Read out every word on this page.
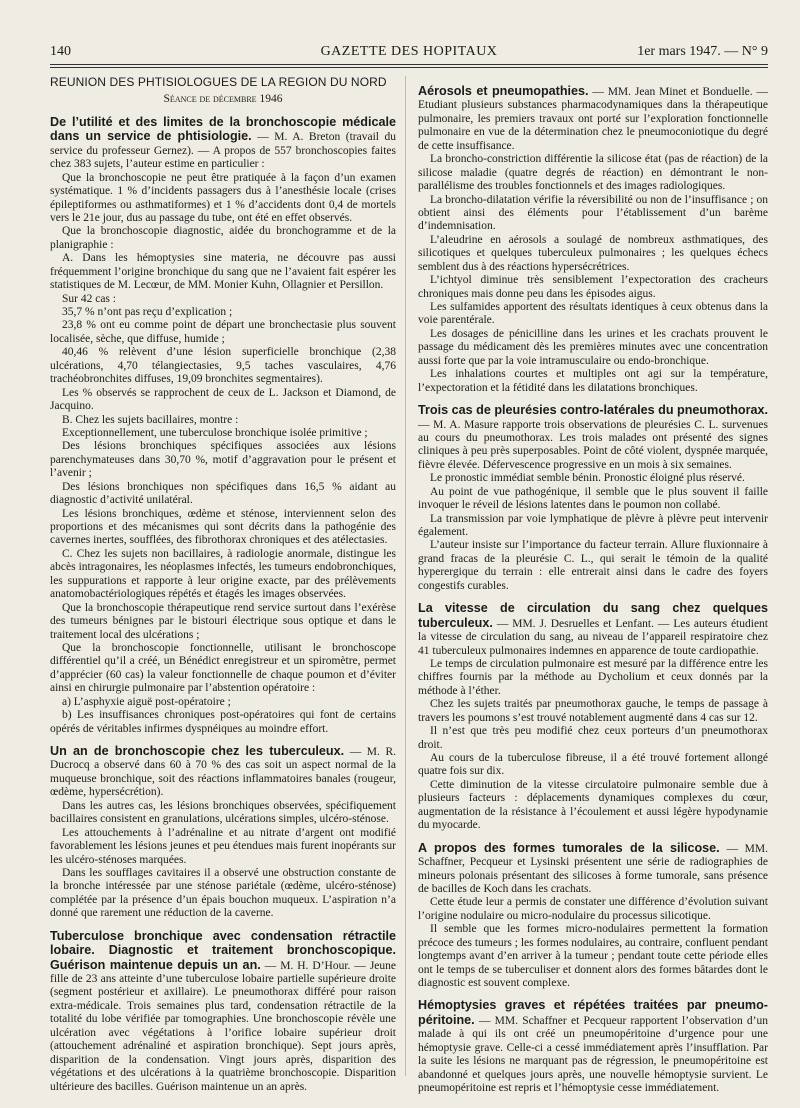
140	GAZETTE DES HOPITAUX	1er mars 1947. — N° 9

REUNION DES PHTISIOLOGUES DE LA REGION DU NORD

Séance de décembre 1946

De l’utilité et des limites de la bronchoscopie médicale dans un service de phtisiologie. — M. A. Breton (travail du service du professeur Gernez). — A propos de 557 bronchoscopies faites chez 383 sujets, l’auteur estime en particulier :

Que la bronchoscopie ne peut être pratiquée à la façon d’un examen systématique. 1 % d’incidents passagers dus à l’anesthésie locale (crises épileptiformes ou asthmatiformes) et 1 % d’accidents dont 0,4 de mortels vers le 21e jour, dus au passage du tube, ont été en effet observés.

Que la bronchoscopie diagnostic, aidée du bronchogramme et de la planigraphie :

A. Dans les hémoptysies sine materia, ne découvre pas aussi fréquemment l’origine bronchique du sang que ne l’avaient fait espérer les statistiques de M. Lecœur, de MM. Monier Kuhn, Ollagnier et Persillon.

Sur 42 cas :

35,7 % n’ont pas reçu d’explication ;

23,8 % ont eu comme point de départ une bronchectasie plus souvent localisée, sèche, que diffuse, humide ;

40,46 % relèvent d’une lésion superficielle bronchique (2,38 ulcérations, 4,70 télangiectasies, 9,5 taches vasculaires, 4,76 trachéobronchites diffuses, 19,09 bronchites segmentaires).

Les % observés se rapprochent de ceux de L. Jackson et Diamond, de Jacquino.

B. Chez les sujets bacillaires, montre :

Exceptionnellement, une tuberculose bronchique isolée primitive ;

Des lésions bronchiques spécifiques associées aux lésions parenchymateuses dans 30,70 %, motif d’aggravation pour le présent et l’avenir ;

Des lésions bronchiques non spécifiques dans 16,5 % aidant au diagnostic d’activité unilatéral.

Les lésions bronchiques, œdème et sténose, interviennent selon des proportions et des mécanismes qui sont décrits dans la pathogénie des cavernes inertes, soufflées, des fibrothorax chroniques et des atélectasies.

C. Chez les sujets non bacillaires, à radiologie anormale, distingue les abcès intragonaires, les néoplasmes infectés, les tumeurs endobronchiques, les suppurations et rapporte à leur origine exacte, par des prélèvements anatomobactériologiques répétés et étagés les images observées.

Que la bronchoscopie thérapeutique rend service surtout dans l’exérèse des tumeurs bénignes par le bistouri électrique sous optique et dans le traitement local des ulcérations ;

Que la bronchoscopie fonctionnelle, utilisant le bronchoscope différentiel qu’il a créé, un Bénédict enregistreur et un spiromètre, permet d’apprécier (60 cas) la valeur fonctionnelle de chaque poumon et d’éviter ainsi en chirurgie pulmonaire par l’abstention opératoire :

a) L’asphyxie aiguë post-opératoire ;

b) Les insuffisances chroniques post-opératoires qui font de certains opérés de véritables infirmes dyspnéiques au moindre effort.

Un an de bronchoscopie chez les tuberculeux. — M. R. Ducrocq a observé dans 60 à 70 % des cas soit un aspect normal de la muqueuse bronchique, soit des réactions inflammatoires banales (rougeur, œdème, hypersécrétion).

Dans les autres cas, les lésions bronchiques observées, spécifiquement bacillaires consistent en granulations, ulcérations simples, ulcéro-sténose.

Les attouchements à l’adrénaline et au nitrate d’argent ont modifié favorablement les lésions jeunes et peu étendues mais furent inopérants sur les ulcéro-sténoses marquées.

Dans les soufflages cavitaires il a observé une obstruction constante de la bronche intéressée par une sténose pariétale (œdème, ulcéro-sténose) complétée par la présence d’un épais bouchon muqueux. L’aspiration n’a donné que rarement une réduction de la caverne.

Tuberculose bronchique avec condensation rétractile lobaire. Diagnostic et traitement bronchoscopique. Guérison maintenue depuis un an. — M. H. D’Hour. — Jeune fille de 23 ans atteinte d’une tuberculose lobaire partielle supérieure droite (segment postérieur et axillaire). Le pneumothorax différé pour raison extra-médicale. Trois semaines plus tard, condensation rétractile de la totalité du lobe vérifiée par tomographies. Une bronchoscopie révèle une ulcération avec végétations à l’orifice lobaire supérieur droit (attouchement adrénaliné et aspiration bronchique). Sept jours après, disparition de la condensation. Vingt jours après, disparition des végétations et des ulcérations à la quatrième bronchoscopie. Disparition ultérieure des bacilles. Guérison maintenue un an après.

Aérosols et pneumopathies. — MM. Jean Minet et Bonduelle. — Etudiant plusieurs substances pharmacodynamiques dans la thérapeutique pulmonaire, les premiers travaux ont porté sur l’exploration fonctionnelle pulmonaire en vue de la détermination chez le pneumoconiotique du degré de cette insuffisance.

La broncho-constriction différentie la silicose état (pas de réaction) de la silicose maladie (quatre degrés de réaction) en démontrant le non-parallélisme des troubles fonctionnels et des images radiologiques.

La broncho-dilatation vérifie la réversibilité ou non de l’insuffisance ; on obtient ainsi des éléments pour l’établissement d’un barème d’indemnisation.

L’aleudrine en aérosols a soulagé de nombreux asthmatiques, des silicotiques et quelques tuberculeux pulmonaires ; les quelques échecs semblent dus à des réactions hypersécrétrices.

L’ichtyol diminue très sensiblement l’expectoration des cracheurs chroniques mais donne peu dans les épisodes aigus.

Les sulfamides apportent des résultats identiques à ceux obtenus dans la voie parentérale.

Les dosages de pénicilline dans les urines et les crachats prouvent le passage du médicament dès les premières minutes avec une concentration aussi forte que par la voie intramusculaire ou endo-bronchique.

Les inhalations courtes et multiples ont agi sur la température, l’expectoration et la fétidité dans les dilatations bronchiques.

Trois cas de pleurésies contro-latérales du pneumothorax. — M. A. Masure rapporte trois observations de pleurésies C. L. survenues au cours du pneumothorax. Les trois malades ont présenté des signes cliniques à peu près superposables. Point de côté violent, dyspnée marquée, fièvre élevée. Défervescence progressive en un mois à six semaines.

Le pronostic immédiat semble bénin. Pronostic éloigné plus réservé.

Au point de vue pathogénique, il semble que le plus souvent il faille invoquer le réveil de lésions latentes dans le poumon non collabé.

La transmission par voie lymphatique de plèvre à plèvre peut intervenir également.

L’auteur insiste sur l’importance du facteur terrain. Allure fluxionnaire à grand fracas de la pleurésie C. L., qui serait le témoin de la qualité hyperergique du terrain : elle entrerait ainsi dans le cadre des foyers congestifs curables.

La vitesse de circulation du sang chez quelques tuberculeux. — MM. J. Desruelles et Lenfant. — Les auteurs étudient la vitesse de circulation du sang, au niveau de l’appareil respiratoire chez 41 tuberculeux pulmonaires indemnes en apparence de toute cardiopathie.

Le temps de circulation pulmonaire est mesuré par la différence entre les chiffres fournis par la méthode au Dycholium et ceux donnés par la méthode à l’éther.

Chez les sujets traités par pneumothorax gauche, le temps de passage à travers les poumons s’est trouvé notablement augmenté dans 4 cas sur 12.

Il n’est que très peu modifié chez ceux porteurs d’un pneumothorax droit.

Au cours de la tuberculose fibreuse, il a été trouvé fortement allongé quatre fois sur dix.

Cette diminution de la vitesse circulatoire pulmonaire semble due à plusieurs facteurs : déplacements dynamiques complexes du cœur, augmentation de la résistance à l’écoulement et aussi légère hypodynamie du myocarde.

A propos des formes tumorales de la silicose. — MM. Schaffner, Pecqueur et Lysinski présentent une série de radiographies de mineurs polonais présentant des silicoses à forme tumorale, sans présence de bacilles de Koch dans les crachats.

Cette étude leur a permis de constater une différence d’évolution suivant l’origine nodulaire ou micro-nodulaire du processus silicotique.

Il semble que les formes micro-nodulaires permettent la formation précoce des tumeurs ; les formes nodulaires, au contraire, confluent pendant longtemps avant d’en arriver à la tumeur ; pendant toute cette période elles ont le temps de se tuberculiser et donnent alors des formes bâtardes dont le diagnostic est souvent complexe.

Hémoptysies graves et répétées traitées par pneumo-péritoine. — MM. Schaffner et Pecqueur rapportent l’observation d’un malade à qui ils ont créé un pneumopéritoine d’urgence pour une hémoptysie grave. Celle-ci a cessé immédiatement après l’insufflation. Par la suite les lésions ne marquant pas de régression, le pneumopéritoine est abandonné et quelques jours après, une nouvelle hémoptysie survient. Le pneumopéritoine est repris et l’hémoptysie cesse immédiatement.
